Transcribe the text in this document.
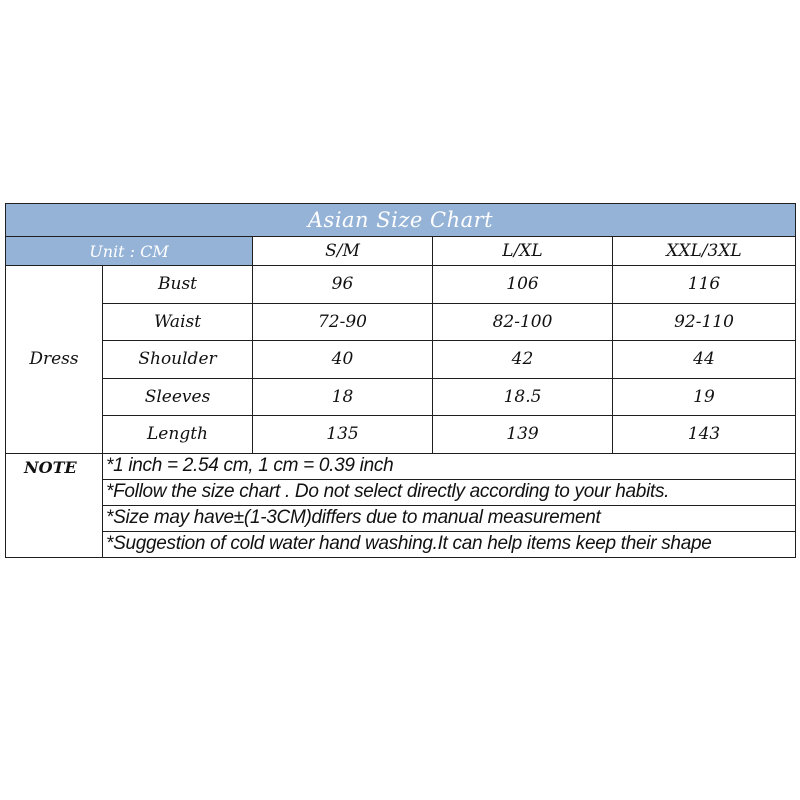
Asian Size Chart				
Unit : CM		S/M	L/XL	XXL/3XL
Dress	Bust	96	106	116
	Waist	72-90	82-100	92-110
	Shoulder	40	42	44
	Sleeves	18	18.5	19
	Length	135	139	143
NOTE	*1 inch = 2.54 cm, 1 cm = 0.39 inch			
	*Follow the size chart . Do not select directly according to your habits.			
	*Size may have±(1-3CM)differs due to manual measurement			
	*Suggestion of cold water hand washing.It can help items keep their shape			
